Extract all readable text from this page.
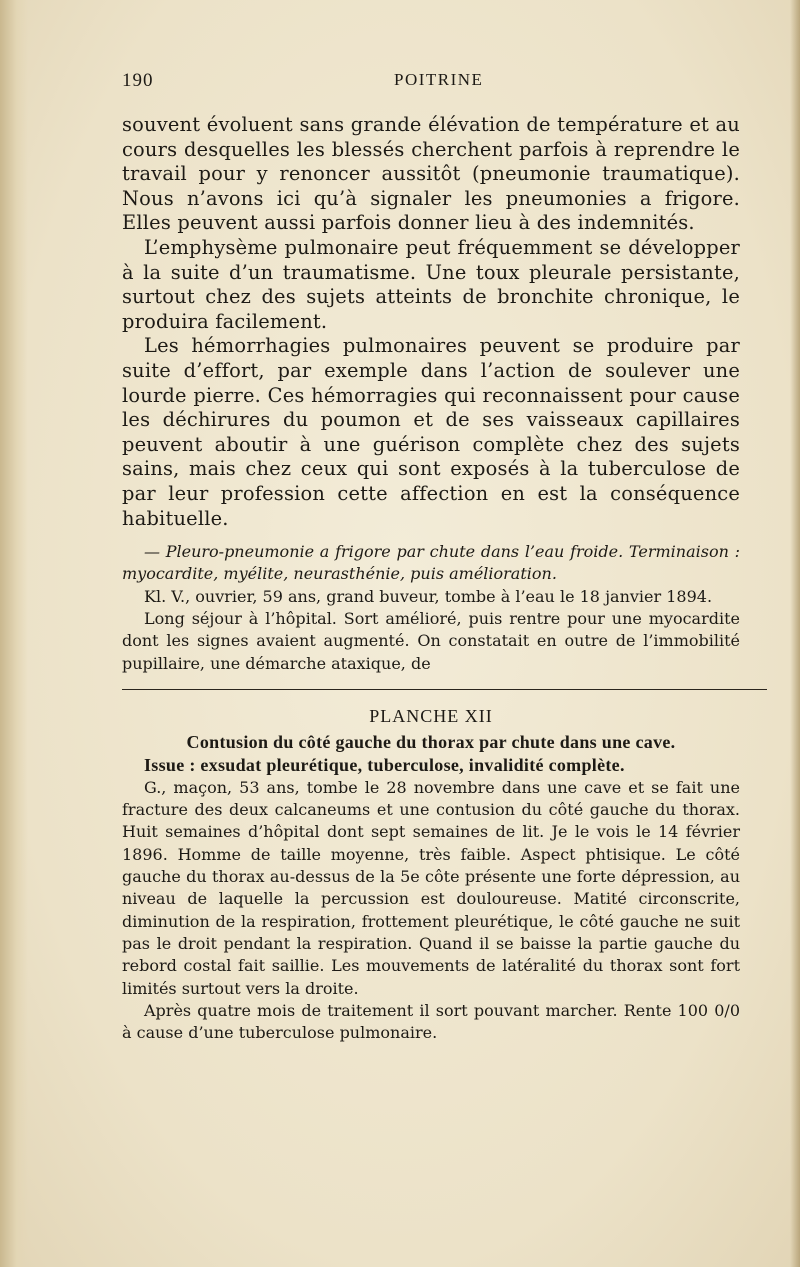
190	POITRINE

souvent évoluent sans grande élévation de température et au cours desquelles les blessés cherchent parfois à reprendre le travail pour y renoncer aussitôt (pneumonie traumatique). Nous n’avons ici qu’à signaler les pneumonies a frigore. Elles peuvent aussi parfois donner lieu à des indemnités.

L’emphysème pulmonaire peut fréquemment se développer à la suite d’un traumatisme. Une toux pleurale persistante, surtout chez des sujets atteints de bronchite chronique, le produira facilement.

Les hémorrhagies pulmonaires peuvent se produire par suite d’effort, par exemple dans l’action de soulever une lourde pierre. Ces hémorragies qui reconnaissent pour cause les déchirures du poumon et de ses vaisseaux capillaires peuvent aboutir à une guérison complète chez des sujets sains, mais chez ceux qui sont exposés à la tuberculose de par leur profession cette affection en est la conséquence habituelle.

— Pleuro-pneumonie a frigore par chute dans l’eau froide. Terminaison : myocardite, myélite, neurasthénie, puis amélioration.

Kl. V., ouvrier, 59 ans, grand buveur, tombe à l’eau le 18 janvier 1894.

Long séjour à l’hôpital. Sort amélioré, puis rentre pour une myocardite dont les signes avaient augmenté. On constatait en outre de l’immobilité pupillaire, une démarche ataxique, de

PLANCHE XII
Contusion du côté gauche du thorax par chute dans une cave.

Issue : exsudat pleurétique, tuberculose, invalidité complète.

G., maçon, 53 ans, tombe le 28 novembre dans une cave et se fait une fracture des deux calcaneums et une contusion du côté gauche du thorax. Huit semaines d’hôpital dont sept semaines de lit. Je le vois le 14 février 1896. Homme de taille moyenne, très faible. Aspect phtisique. Le côté gauche du thorax au-dessus de la 5e côte présente une forte dépression, au niveau de laquelle la percussion est douloureuse. Matité circonscrite, diminution de la respiration, frottement pleurétique, le côté gauche ne suit pas le droit pendant la respiration. Quand il se baisse la partie gauche du rebord costal fait saillie. Les mouvements de latéralité du thorax sont fort limités surtout vers la droite.

Après quatre mois de traitement il sort pouvant marcher. Rente 100 0/0 à cause d’une tuberculose pulmonaire.
